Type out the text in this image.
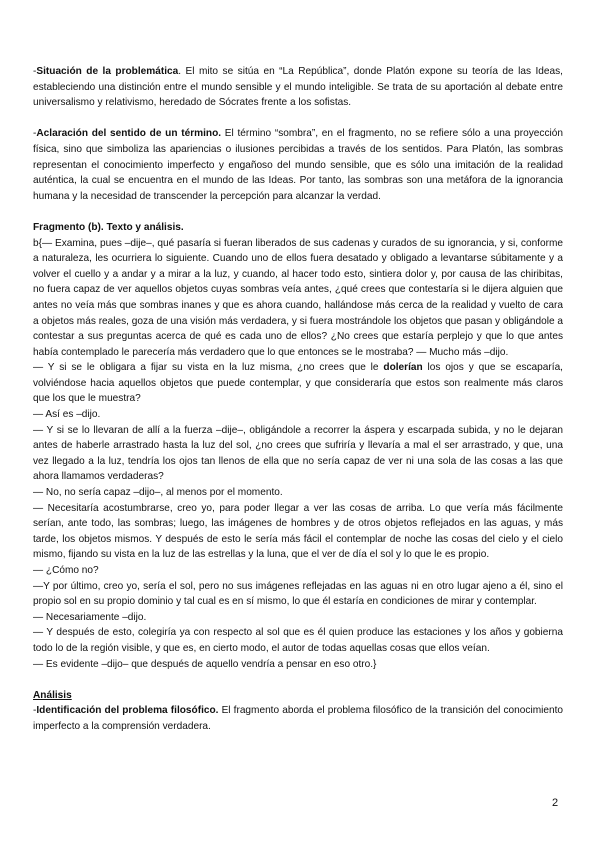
-Situación de la problemática. El mito se sitúa en “La República”, donde Platón expone su teoría de las Ideas, estableciendo una distinción entre el mundo sensible y el mundo inteligible. Se trata de su aportación al debate entre universalismo y relativismo, heredado de Sócrates frente a los sofistas.

-Aclaración del sentido de un término. El término “sombra”, en el fragmento, no se refiere sólo a una proyección física, sino que simboliza las apariencias o ilusiones percibidas a través de los sentidos. Para Platón, las sombras representan el conocimiento imperfecto y engañoso del mundo sensible, que es sólo una imitación de la realidad auténtica, la cual se encuentra en el mundo de las Ideas. Por tanto, las sombras son una metáfora de la ignorancia humana y la necesidad de transcender la percepción para alcanzar la verdad.

Fragmento (b). Texto y análisis.

b{— Examina, pues –dije–, qué pasaría si fueran liberados de sus cadenas y curados de su ignorancia, y si, conforme a naturaleza, les ocurriera lo siguiente. Cuando uno de ellos fuera desatado y obligado a levantarse súbitamente y a volver el cuello y a andar y a mirar a la luz, y cuando, al hacer todo esto, sintiera dolor y, por causa de las chiribitas, no fuera capaz de ver aquellos objetos cuyas sombras veía antes, ¿qué crees que contestaría si le dijera alguien que antes no veía más que sombras inanes y que es ahora cuando, hallándose más cerca de la realidad y vuelto de cara a objetos más reales, goza de una visión más verdadera, y si fuera mostrándole los objetos que pasan y obligándole a contestar a sus preguntas acerca de qué es cada uno de ellos? ¿No crees que estaría perplejo y que lo que antes había contemplado le parecería más verdadero que lo que entonces se le mostraba? — Mucho más –dijo.

— Y si se le obligara a fijar su vista en la luz misma, ¿no crees que le dolerían los ojos y que se escaparía, volviéndose hacia aquellos objetos que puede contemplar, y que consideraría que estos son realmente más claros que los que le muestra?

— Así es –dijo.

— Y si se lo llevaran de allí a la fuerza –dije–, obligándole a recorrer la áspera y escarpada subida, y no le dejaran antes de haberle arrastrado hasta la luz del sol, ¿no crees que sufriría y llevaría a mal el ser arrastrado, y que, una vez llegado a la luz, tendría los ojos tan llenos de ella que no sería capaz de ver ni una sola de las cosas a las que ahora llamamos verdaderas?

— No, no sería capaz –dijo–, al menos por el momento.

— Necesitaría acostumbrarse, creo yo, para poder llegar a ver las cosas de arriba. Lo que vería más fácilmente serían, ante todo, las sombras; luego, las imágenes de hombres y de otros objetos reflejados en las aguas, y más tarde, los objetos mismos. Y después de esto le sería más fácil el contemplar de noche las cosas del cielo y el cielo mismo, fijando su vista en la luz de las estrellas y la luna, que el ver de día el sol y lo que le es propio.

— ¿Cómo no?

—Y por último, creo yo, sería el sol, pero no sus imágenes reflejadas en las aguas ni en otro lugar ajeno a él, sino el propio sol en su propio dominio y tal cual es en sí mismo, lo que él estaría en condiciones de mirar y contemplar.

— Necesariamente –dijo.

— Y después de esto, colegiría ya con respecto al sol que es él quien produce las estaciones y los años y gobierna todo lo de la región visible, y que es, en cierto modo, el autor de todas aquellas cosas que ellos veían.

— Es evidente –dijo– que después de aquello vendría a pensar en eso otro.}

Análisis

-Identificación del problema filosófico. El fragmento aborda el problema filosófico de la transición del conocimiento imperfecto a la comprensión verdadera.

2
